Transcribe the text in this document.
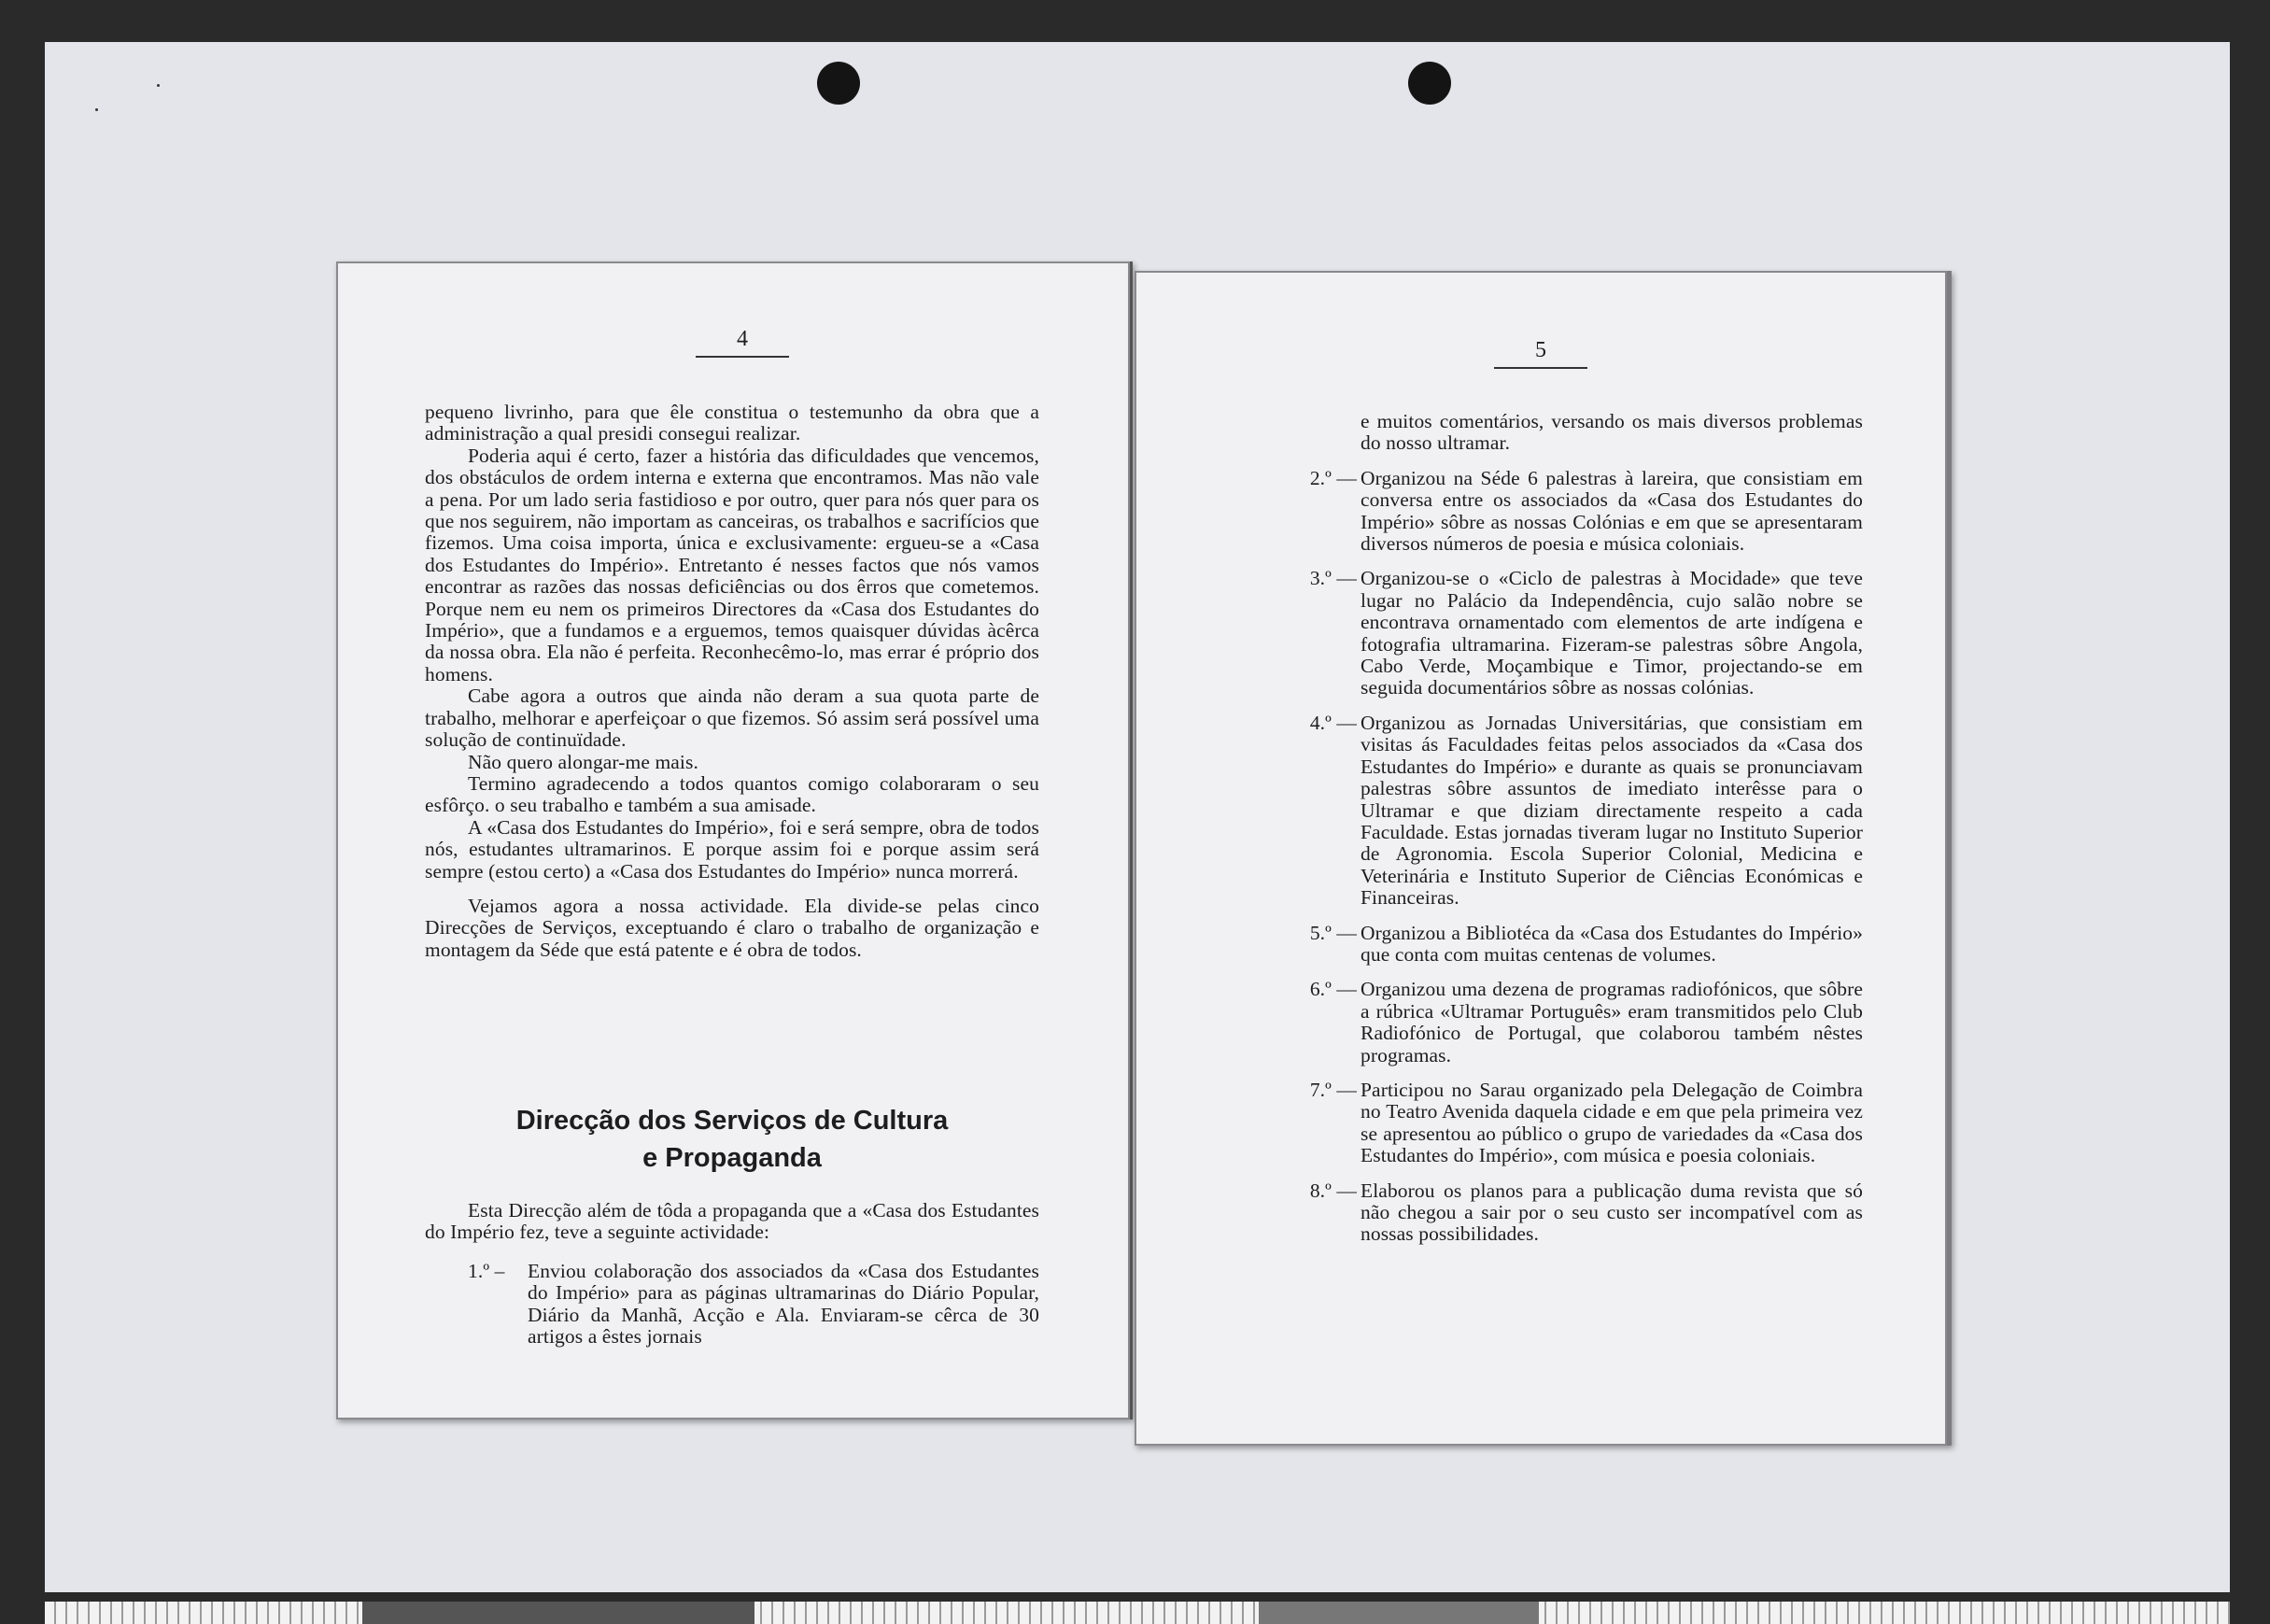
4

pequeno livrinho, para que êle constitua o testemunho da obra que a administração a qual presidi consegui realizar.

Poderia aqui é certo, fazer a história das dificuldades que vencemos, dos obstáculos de ordem interna e externa que encontramos. Mas não vale a pena. Por um lado seria fastidioso e por outro, quer para nós quer para os que nos seguirem, não importam as canceiras, os trabalhos e sacrifícios que fizemos. Uma coisa importa, única e exclusivamente: ergueu-se a «Casa dos Estudantes do Império». Entretanto é nesses factos que nós vamos encontrar as razões das nossas deficiências ou dos êrros que cometemos. Porque nem eu nem os primeiros Directores da «Casa dos Estudantes do Império», que a fundamos e a erguemos, temos quaisquer dúvidas àcêrca da nossa obra. Ela não é perfeita. Reconhecêmo-lo, mas errar é próprio dos homens.

Cabe agora a outros que ainda não deram a sua quota parte de trabalho, melhorar e aperfeiçoar o que fizemos. Só assim será possível uma solução de continuïdade.

Não quero alongar-me mais.

Termino agradecendo a todos quantos comigo colaboraram o seu esfôrço. o seu trabalho e também a sua amisade.

A «Casa dos Estudantes do Império», foi e será sempre, obra de todos nós, estudantes ultramarinos. E porque assim foi e porque assim será sempre (estou certo) a «Casa dos Estudantes do Império» nunca morrerá.

Vejamos agora a nossa actividade. Ela divide-se pelas cinco Direcções de Serviços, exceptuando é claro o trabalho de organização e montagem da Séde que está patente e é obra de todos.

Direcção dos Serviços de Cultura
e Propaganda

Esta Direcção além de tôda a propaganda que a «Casa dos Estudantes do Império fez, teve a seguinte actividade:

1.º –	Enviou colaboração dos associados da «Casa dos Estudantes do Império» para as páginas ultramarinas do Diário Popular, Diário da Manhã, Acção e Ala. Enviaram-se cêrca de 30 artigos a êstes jornais
5

e muitos comentários, versando os mais diversos problemas do nosso ultramar.

2.º — Organizou na Séde 6 palestras à lareira, que consistiam em conversa entre os associados da «Casa dos Estudantes do Império» sôbre as nossas Colónias e em que se apresentaram diversos números de poesia e música coloniais.
3.º — Organizou-se o «Ciclo de palestras à Mocidade» que teve lugar no Palácio da Independência, cujo salão nobre se encontrava ornamentado com elementos de arte indígena e fotografia ultramarina. Fizeram-se palestras sôbre Angola, Cabo Verde, Moçambique e Timor, projectando-se em seguida documentários sôbre as nossas colónias.
4.º — Organizou as Jornadas Universitárias, que consistiam em visitas ás Faculdades feitas pelos associados da «Casa dos Estudantes do Império» e durante as quais se pronunciavam palestras sôbre assuntos de imediato interêsse para o Ultramar e que diziam directamente respeito a cada Faculdade. Estas jornadas tiveram lugar no Instituto Superior de Agronomia. Escola Superior Colonial, Medicina e Veterinária e Instituto Superior de Ciências Económicas e Financeiras.
5.º — Organizou a Bibliotéca da «Casa dos Estudantes do Império» que conta com muitas centenas de volumes.
6.º — Organizou uma dezena de programas radiofónicos, que sôbre a rúbrica «Ultramar Português» eram transmitidos pelo Club Radiofónico de Portugal, que colaborou também nêstes programas.
7.º — Participou no Sarau organizado pela Delegação de Coimbra no Teatro Avenida daquela cidade e em que pela primeira vez se apresentou ao público o grupo de variedades da «Casa dos Estudantes do Império», com música e poesia coloniais.
8.º — Elaborou os planos para a publicação duma revista que só não chegou a sair por o seu custo ser incompatível com as nossas possibilidades.
